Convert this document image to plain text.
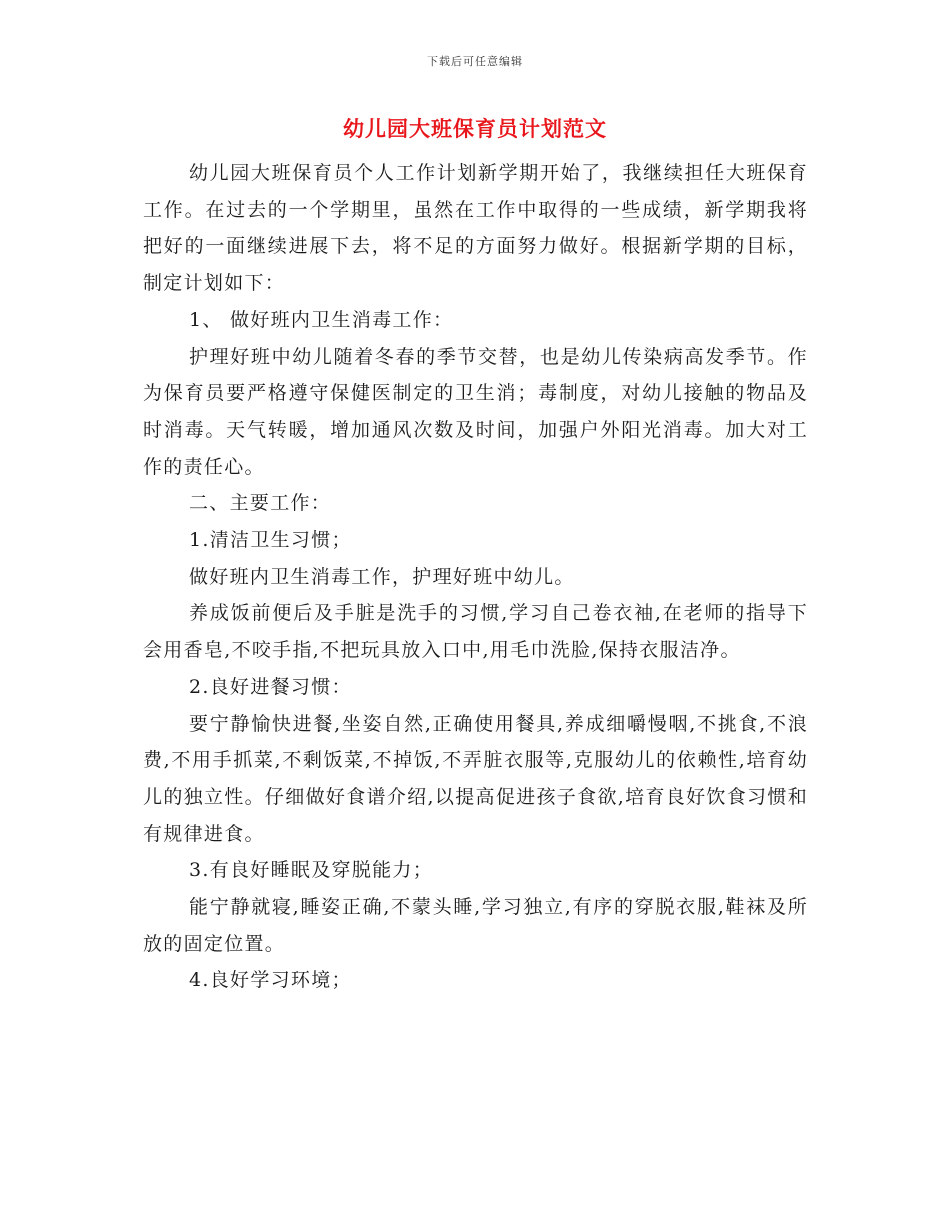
下载后可任意编辑
幼儿园大班保育员计划范文

幼儿园大班保育员个人工作计划新学期开始了，我继续担任大班保育工作。在过去的一个学期里，虽然在工作中取得的一些成绩，新学期我将把好的一面继续进展下去，将不足的方面努力做好。根据新学期的目标，制定计划如下：

1、 做好班内卫生消毒工作：

护理好班中幼儿随着冬春的季节交替，也是幼儿传染病高发季节。作为保育员要严格遵守保健医制定的卫生消；毒制度，对幼儿接触的物品及时消毒。天气转暖，增加通风次数及时间，加强户外阳光消毒。加大对工作的责任心。

二、主要工作：

1.清洁卫生习惯；

做好班内卫生消毒工作，护理好班中幼儿。

养成饭前便后及手脏是洗手的习惯,学习自己卷衣袖,在老师的指导下会用香皂,不咬手指,不把玩具放入口中,用毛巾洗脸,保持衣服洁净。

2.良好进餐习惯：

要宁静愉快进餐,坐姿自然,正确使用餐具,养成细嚼慢咽,不挑食,不浪费,不用手抓菜,不剩饭菜,不掉饭,不弄脏衣服等,克服幼儿的依赖性,培育幼儿的独立性。仔细做好食谱介绍,以提高促进孩子食欲,培育良好饮食习惯和有规律进食。

3.有良好睡眠及穿脱能力；

能宁静就寝,睡姿正确,不蒙头睡,学习独立,有序的穿脱衣服,鞋袜及所放的固定位置。

4.良好学习环境；
